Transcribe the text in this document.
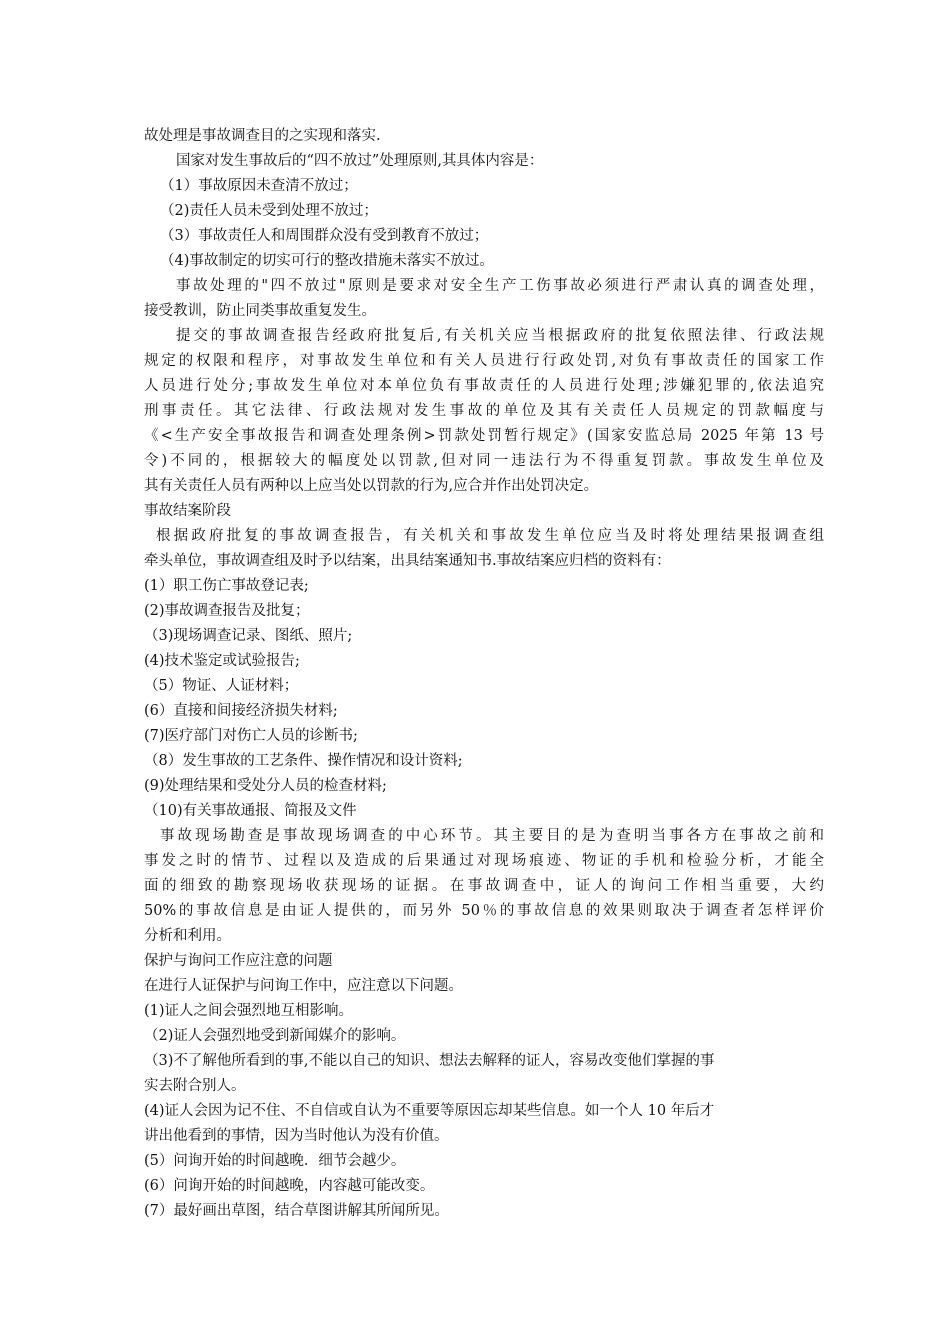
故处理是事故调查目的之实现和落实.
国家对发生事故后的“四不放过”处理原则,其具体内容是：
（1）事故原因未查清不放过；
（2)责任人员未受到处理不放过；
（3）事故责任人和周围群众没有受到教育不放过；
（4)事故制定的切实可行的整改措施未落实不放过。
事故处理的"四不放过"原则是要求对安全生产工伤事故必须进行严肃认真的调查处理，
接受教训，防止同类事故重复发生。
提交的事故调查报告经政府批复后,有关机关应当根据政府的批复依照法律、行政法规
规定的权限和程序，对事故发生单位和有关人员进行行政处罚,对负有事故责任的国家工作
人员进行处分;事故发生单位对本单位负有事故责任的人员进行处理;涉嫌犯罪的,依法追究
刑事责任。其它法律、行政法规对发生事故的单位及其有关责任人员规定的罚款幅度与
《<生产安全事故报告和调查处理条例>罚款处罚暂行规定》(国家安监总局 2025 年第 13 号
令)不同的，根据较大的幅度处以罚款,但对同一违法行为不得重复罚款。事故发生单位及
其有关责任人员有两种以上应当处以罚款的行为,应合并作出处罚决定。
事故结案阶段
根据政府批复的事故调查报告，有关机关和事故发生单位应当及时将处理结果报调查组
牵头单位，事故调查组及时予以结案，出具结案通知书.事故结案应归档的资料有：
(1）职工伤亡事故登记表;
(2)事故调查报告及批复；
（3)现场调查记录、图纸、照片;
(4)技术鉴定或试验报告;
（5）物证、人证材料；
(6）直接和间接经济损失材料;
(7)医疗部门对伤亡人员的诊断书;
（8）发生事故的工艺条件、操作情况和设计资料;
(9)处理结果和受处分人员的检查材料;
（10)有关事故通报、简报及文件
事故现场勘查是事故现场调查的中心环节。其主要目的是为查明当事各方在事故之前和
事发之时的情节、过程以及造成的后果通过对现场痕迹、物证的手机和检验分析，才能全
面的细致的勘察现场收获现场的证据。在事故调查中，证人的询问工作相当重要，大约
50%的事故信息是由证人提供的，而另外 50％的事故信息的效果则取决于调查者怎样评价
分析和利用。
保护与询问工作应注意的问题
在进行人证保护与问询工作中，应注意以下问题。
(1)证人之间会强烈地互相影响。
（2)证人会强烈地受到新闻媒介的影响。
（3)不了解他所看到的事,不能以自己的知识、想法去解释的证人，容易改变他们掌握的事
实去附合别人。
(4)证人会因为记不住、不自信或自认为不重要等原因忘却某些信息。如一个人 10 年后才
讲出他看到的事情，因为当时他认为没有价值。
(5）问询开始的时间越晚．细节会越少。
(6）问询开始的时间越晚，内容越可能改变。
(7）最好画出草图，结合草图讲解其所闻所见。
